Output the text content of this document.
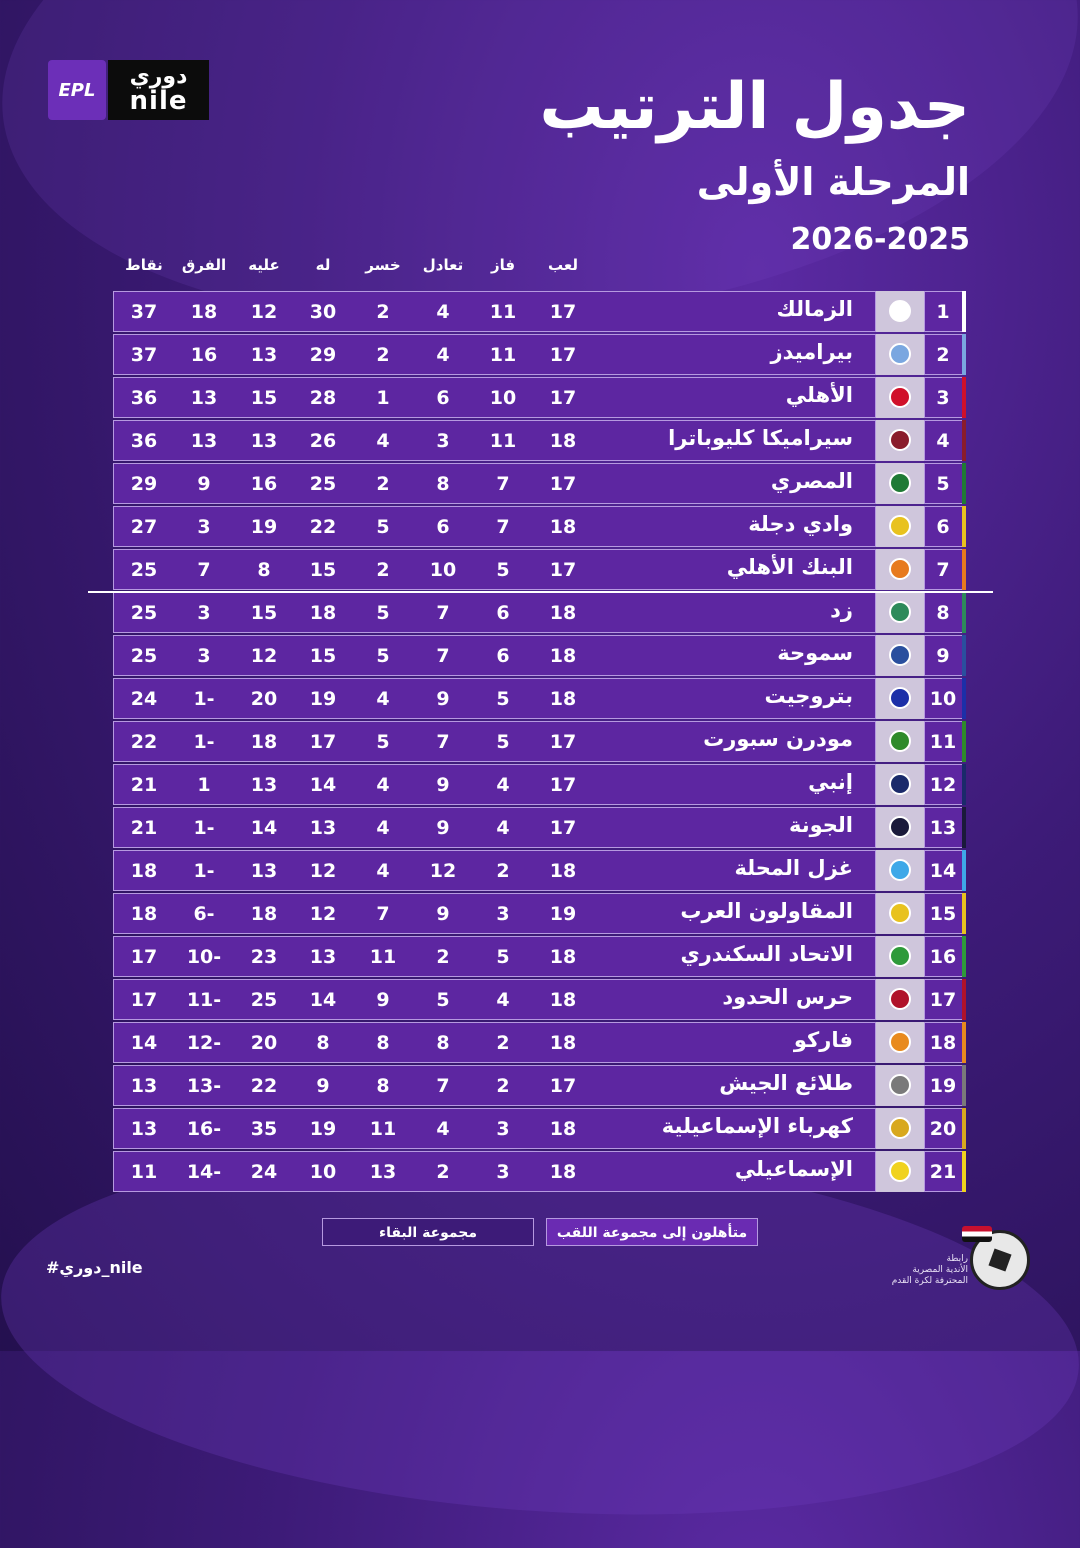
EPL
دوري
nile	جدول الترتيب
المرحلة الأولى
2026-2025
لعب
فاز
تعادل
خسر
له
عليه
الفرق
نقاط
1
الزمالك
17
11
4
2
30
12
18
37
2
بيراميدز
17
11
4
2
29
13
16
37
3
الأهلي
17
10
6
1
28
15
13
36
4
سيراميكا كليوباترا
18
11
3
4
26
13
13
36
5
المصري
17
7
8
2
25
16
9
29
6
وادي دجلة
18
7
6
5
22
19
3
27
7
البنك الأهلي
17
5
10
2
15
8
7
25
8
زد
18
6
7
5
18
15
3
25
9
سموحة
18
6
7
5
15
12
3
25
10
بتروجيت
18
5
9
4
19
20
1-
24
11
مودرن سبورت
17
5
7
5
17
18
1-
22
12
إنبي
17
4
9
4
14
13
1
21
13
الجونة
17
4
9
4
13
14
1-
21
14
غزل المحلة
18
2
12
4
12
13
1-
18
15
المقاولون العرب
19
3
9
7
12
18
6-
18
16
الاتحاد السكندري
18
5
2
11
13
23
10-
17
17
حرس الحدود
18
4
5
9
14
25
11-
17
18
فاركو
18
2
8
8
8
20
12-
14
19
طلائع الجيش
17
2
7
8
9
22
13-
13
20
كهرباء الإسماعيلية
18
3
4
11
19
35
16-
13
21
الإسماعيلي
18
3
2
13
10
24
14-
11
متأهلون إلى مجموعة اللقب
مجموعة البقاء
#دوري_nile	رابطة
الأندية المصرية
المحترفة لكرة القدم
